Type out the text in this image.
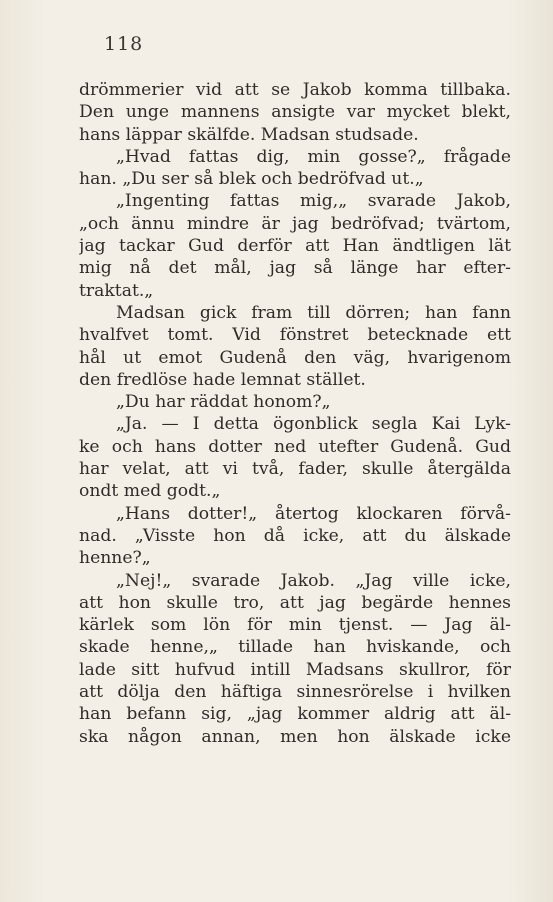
118
drömmerier vid att se Jakob komma tillbaka.
Den unge mannens ansigte var mycket blekt,
hans läppar skälfde. Madsan studsade.
„Hvad fattas dig, min gosse?„ frågade
han. „Du ser så blek och bedröfvad ut.„
„Ingenting fattas mig,„ svarade Jakob,
„och ännu mindre är jag bedröfvad; tvärtom,
jag tackar Gud derför att Han ändtligen lät
mig nå det mål, jag så länge har efter-
traktat.„
Madsan gick fram till dörren; han fann
hvalfvet tomt. Vid fönstret betecknade ett
hål ut emot Gudenå den väg, hvarigenom
den fredlöse hade lemnat stället.
„Du har räddat honom?„
„Ja. — I detta ögonblick segla Kai Lyk-
ke och hans dotter ned utefter Gudenå. Gud
har velat, att vi två, fader, skulle återgälda
ondt med godt.„
„Hans dotter!„ återtog klockaren förvå-
nad. „Visste hon då icke, att du älskade
henne?„
„Nej!„ svarade Jakob. „Jag ville icke,
att hon skulle tro, att jag begärde hennes
kärlek som lön för min tjenst. — Jag äl-
skade henne,„ tillade han hviskande, och
lade sitt hufvud intill Madsans skullror, för
att dölja den häftiga sinnesrörelse i hvilken
han befann sig, „jag kommer aldrig att äl-
ska någon annan, men hon älskade icke
